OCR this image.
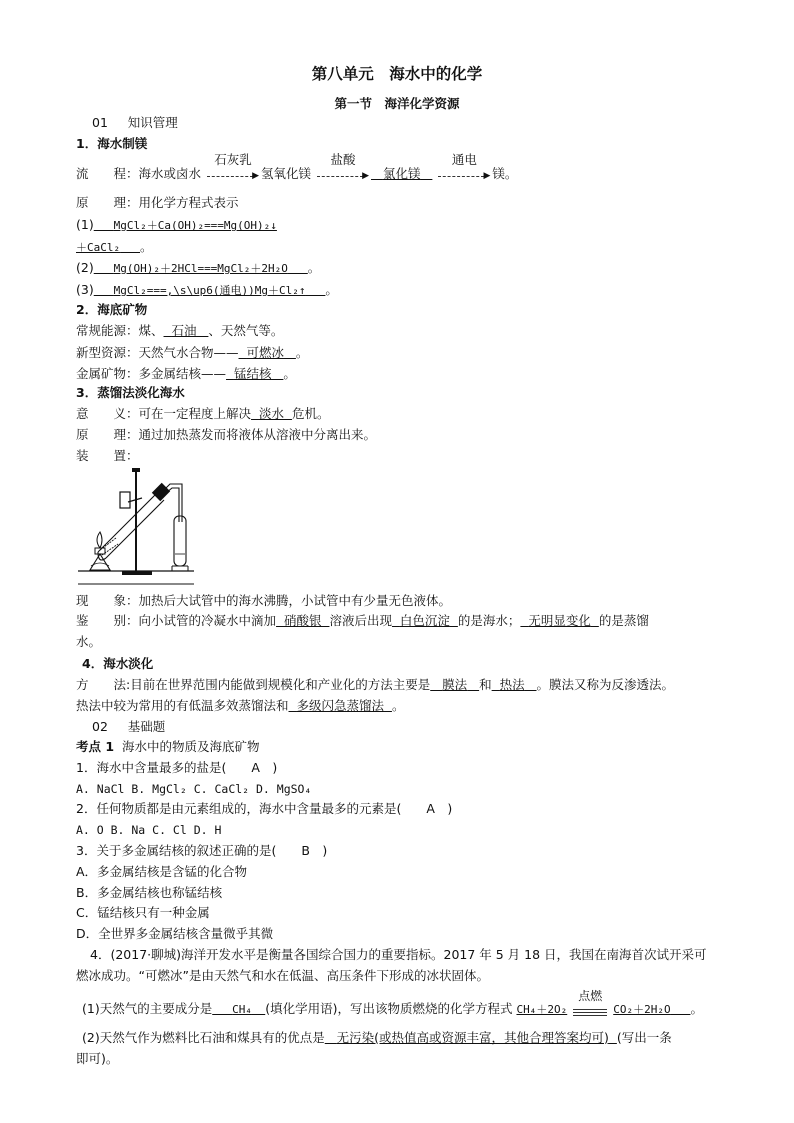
第八单元　海水中的化学
第一节　海洋化学资源
01 知识管理
1．海水制镁
流　　程：海水或卤水
石灰乳
▶ 氢氧化镁
盐酸
▶ 氯化镁
通电
▶ 镁。
原　　理：用化学方程式表示
(1) MgCl₂＋Ca(OH)₂===Mg(OH)₂↓
＋CaCl₂ 。
(2) Mg(OH)₂＋2HCl===MgCl₂＋2H₂O 。
(3) MgCl₂===,\s\up6(通电))Mg＋Cl₂↑ 。
2．海底矿物
常规能源：煤、 石油 、天然气等。
新型资源：天然气水合物—— 可燃冰 。
金属矿物：多金属结核—— 锰结核 。
3．蒸馏法淡化海水
意　　义：可在一定程度上解决 淡水 危机。
原　　理：通过加热蒸发而将液体从溶液中分离出来。
装　　置：
现　　象：加热后大试管中的海水沸腾，小试管中有少量无色液体。
鉴　　别：向小试管的冷凝水中滴加 硝酸银 溶液后出现 白色沉淀 的是海水； 无明显变化 的是蒸馏
水。
4．海水淡化
方　　法:目前在世界范围内能做到规模化和产业化的方法主要是 膜法 和 热法 。膜法又称为反渗透法。
热法中较为常用的有低温多效蒸馏法和 多级闪急蒸馏法 。
02 基础题
考点 1 海水中的物质及海底矿物
1．海水中含量最多的盐是(　　A　)
A. NaCl B. MgCl₂ C. CaCl₂ D. MgSO₄
2．任何物质都是由元素组成的，海水中含量最多的元素是(　　A　)
A. O B. Na C. Cl D. H
3．关于多金属结核的叙述正确的是(　　B　)
A．多金属结核是含锰的化合物
B．多金属结核也称锰结核
C．锰结核只有一种金属
D．全世界多金属结核含量微乎其微
4．(2017·聊城)海洋开发水平是衡量各国综合国力的重要指标。2017 年 5 月 18 日，我国在南海首次试开采可
燃冰成功。“可燃冰”是由天然气和水在低温、高压条件下形成的冰状固体。
(1)天然气的主要成分是 CH₄ (填化学用语)，写出该物质燃烧的化学方程式 CH₄＋2O₂
点燃
CO₂＋2H₂O 。
(2)天然气作为燃料比石油和煤具有的优点是 无污染(或热值高或资源丰富，其他合理答案均可) (写出一条
即可)。
